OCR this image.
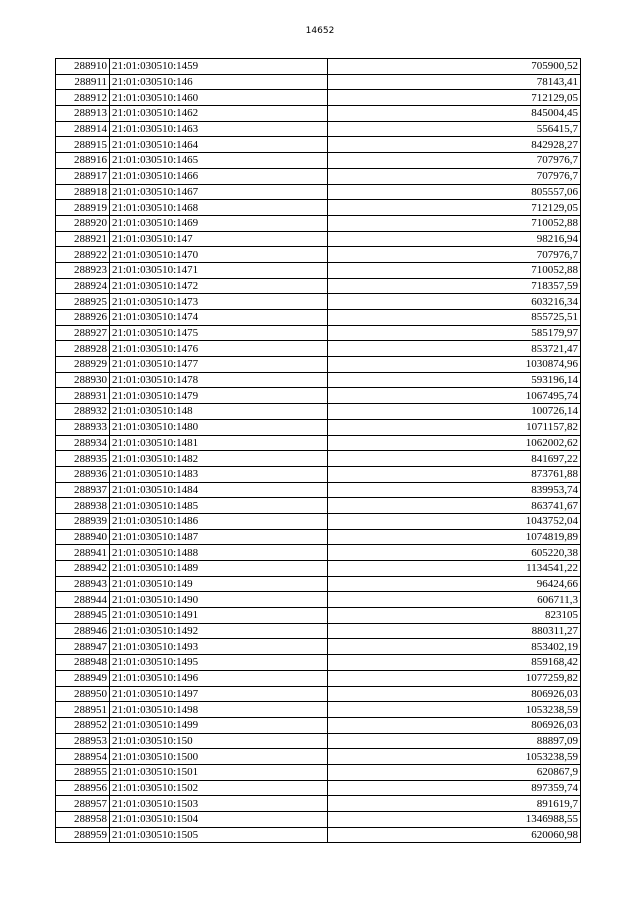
14652
288910	21:01:030510:1459	705900,52
288911	21:01:030510:146	78143,41
288912	21:01:030510:1460	712129,05
288913	21:01:030510:1462	845004,45
288914	21:01:030510:1463	556415,7
288915	21:01:030510:1464	842928,27
288916	21:01:030510:1465	707976,7
288917	21:01:030510:1466	707976,7
288918	21:01:030510:1467	805557,06
288919	21:01:030510:1468	712129,05
288920	21:01:030510:1469	710052,88
288921	21:01:030510:147	98216,94
288922	21:01:030510:1470	707976,7
288923	21:01:030510:1471	710052,88
288924	21:01:030510:1472	718357,59
288925	21:01:030510:1473	603216,34
288926	21:01:030510:1474	855725,51
288927	21:01:030510:1475	585179,97
288928	21:01:030510:1476	853721,47
288929	21:01:030510:1477	1030874,96
288930	21:01:030510:1478	593196,14
288931	21:01:030510:1479	1067495,74
288932	21:01:030510:148	100726,14
288933	21:01:030510:1480	1071157,82
288934	21:01:030510:1481	1062002,62
288935	21:01:030510:1482	841697,22
288936	21:01:030510:1483	873761,88
288937	21:01:030510:1484	839953,74
288938	21:01:030510:1485	863741,67
288939	21:01:030510:1486	1043752,04
288940	21:01:030510:1487	1074819,89
288941	21:01:030510:1488	605220,38
288942	21:01:030510:1489	1134541,22
288943	21:01:030510:149	96424,66
288944	21:01:030510:1490	606711,3
288945	21:01:030510:1491	823105
288946	21:01:030510:1492	880311,27
288947	21:01:030510:1493	853402,19
288948	21:01:030510:1495	859168,42
288949	21:01:030510:1496	1077259,82
288950	21:01:030510:1497	806926,03
288951	21:01:030510:1498	1053238,59
288952	21:01:030510:1499	806926,03
288953	21:01:030510:150	88897,09
288954	21:01:030510:1500	1053238,59
288955	21:01:030510:1501	620867,9
288956	21:01:030510:1502	897359,74
288957	21:01:030510:1503	891619,7
288958	21:01:030510:1504	1346988,55
288959	21:01:030510:1505	620060,98
